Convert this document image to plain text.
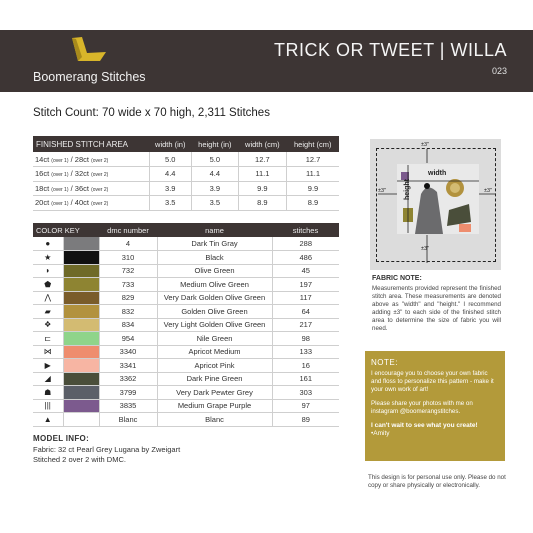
Boomerang Stitches
TRICK OR TWEET | WILLA
023
Stitch Count: 70 wide x 70 high, 2,311 Stitches
FINISHED STITCH AREA	width (in)	height (in)	width (cm)	height (cm)
14ct (over 1) / 28ct (over 2)	5.0	5.0	12.7	12.7
16ct (over 1) / 32ct (over 2)	4.4	4.4	11.1	11.1
18ct (over 1) / 36ct (over 2)	3.9	3.9	9.9	9.9
20ct (over 1) / 40ct (over 2)	3.5	3.5	8.9	8.9
COLOR KEY		dmc number	name	stitches
●		4	Dark Tin Gray	288
★		310	Black	486
◗		732	Olive Green	45
⬟		733	Medium Olive Green	197
⋀		829	Very Dark Golden Olive Green	117
▰		832	Golden Olive Green	64
❖		834	Very Light Golden Olive Green	217
⊏		954	Nile Green	98
⋈		3340	Apricot Medium	133
▶		3341	Apricot Pink	16
◢		3362	Dark Pine Green	161
☗		3799	Very Dark Pewter Grey	303
|||		3835	Medium Grape Purple	97
▲		Blanc	Blanc	89
MODEL INFO:
Fabric: 32 ct Pearl Grey Lugana by Zweigart
Stitched 2 over 2 with DMC.
±3"
±3"
±3"	±3"
width
height
FABRIC NOTE:
Measurements provided represent the finished stitch area. These measurements are denoted above as "width" and "height." I recommend adding ±3" to each side of the finished stitch area to determine the size of fabric you will need.
NOTE:
I encourage you to choose your own fabric and floss to personalize this pattern - make it your own work of art!
Please share your photos with me on instagram @boomerangstitches.
I can't wait to see what you create!
•Amity
This design is for personal use only. Please do not copy or share physically or electronically.
